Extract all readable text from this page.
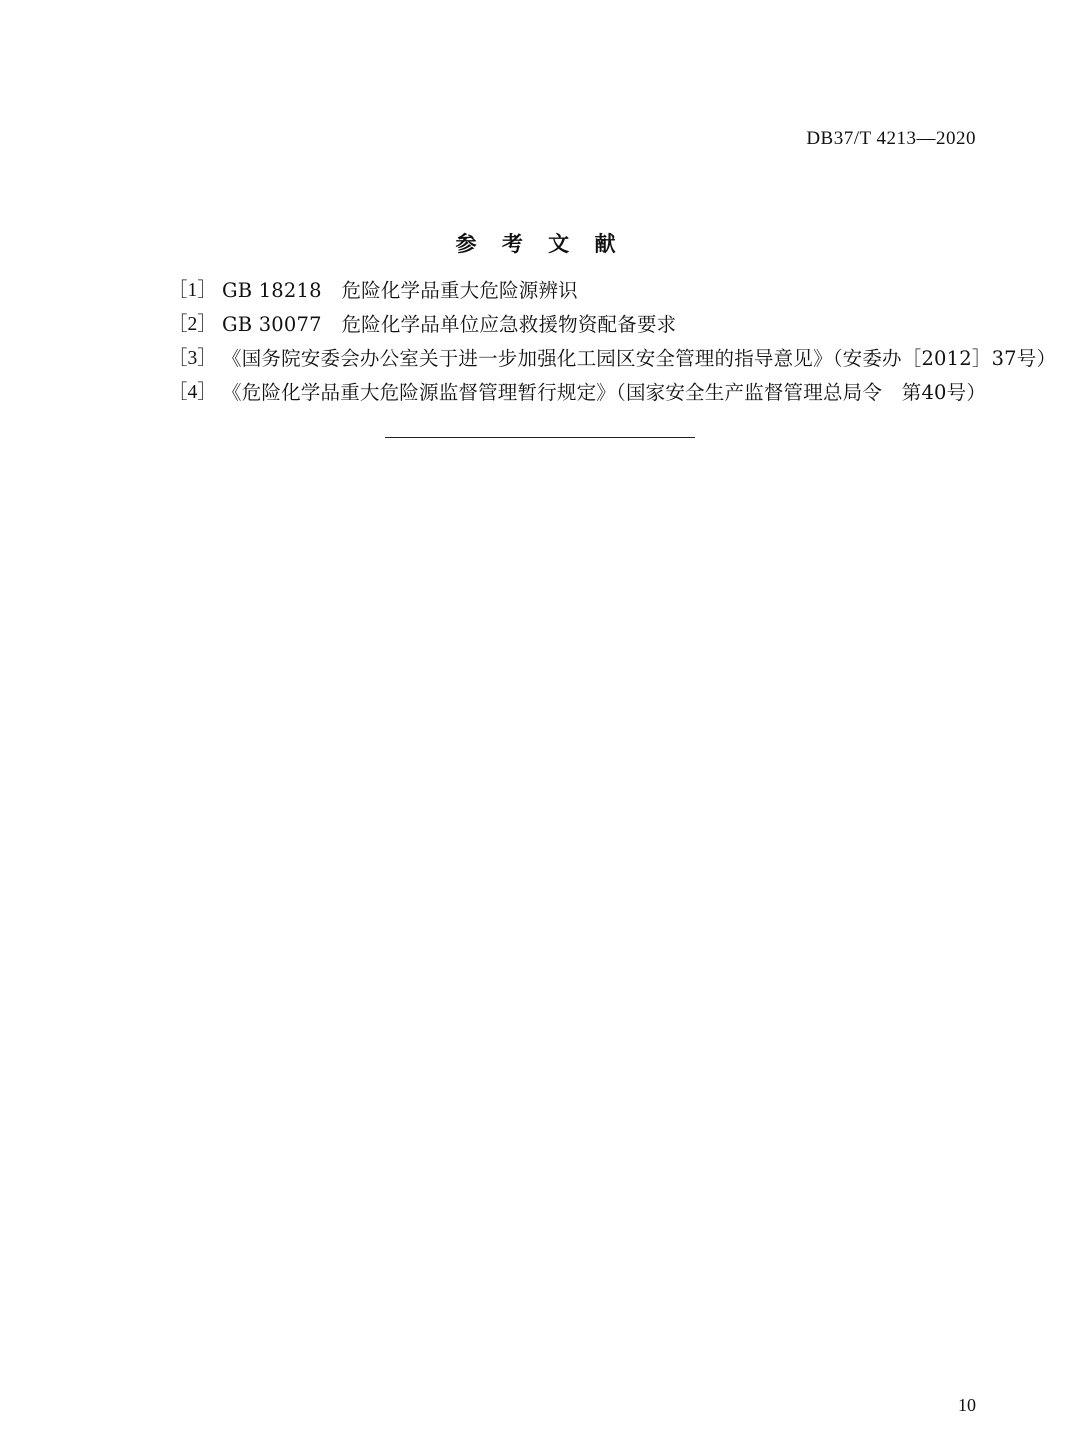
DB37/T 4213—2020
参 考 文 献
［1］ GB 18218　危险化学品重大危险源辨识
［2］ GB 30077　危险化学品单位应急救援物资配备要求
［3］ 《国务院安委会办公室关于进一步加强化工园区安全管理的指导意见》（安委办［2012］37号）
［4］ 《危险化学品重大危险源监督管理暂行规定》（国家安全生产监督管理总局令　第40号）
10
